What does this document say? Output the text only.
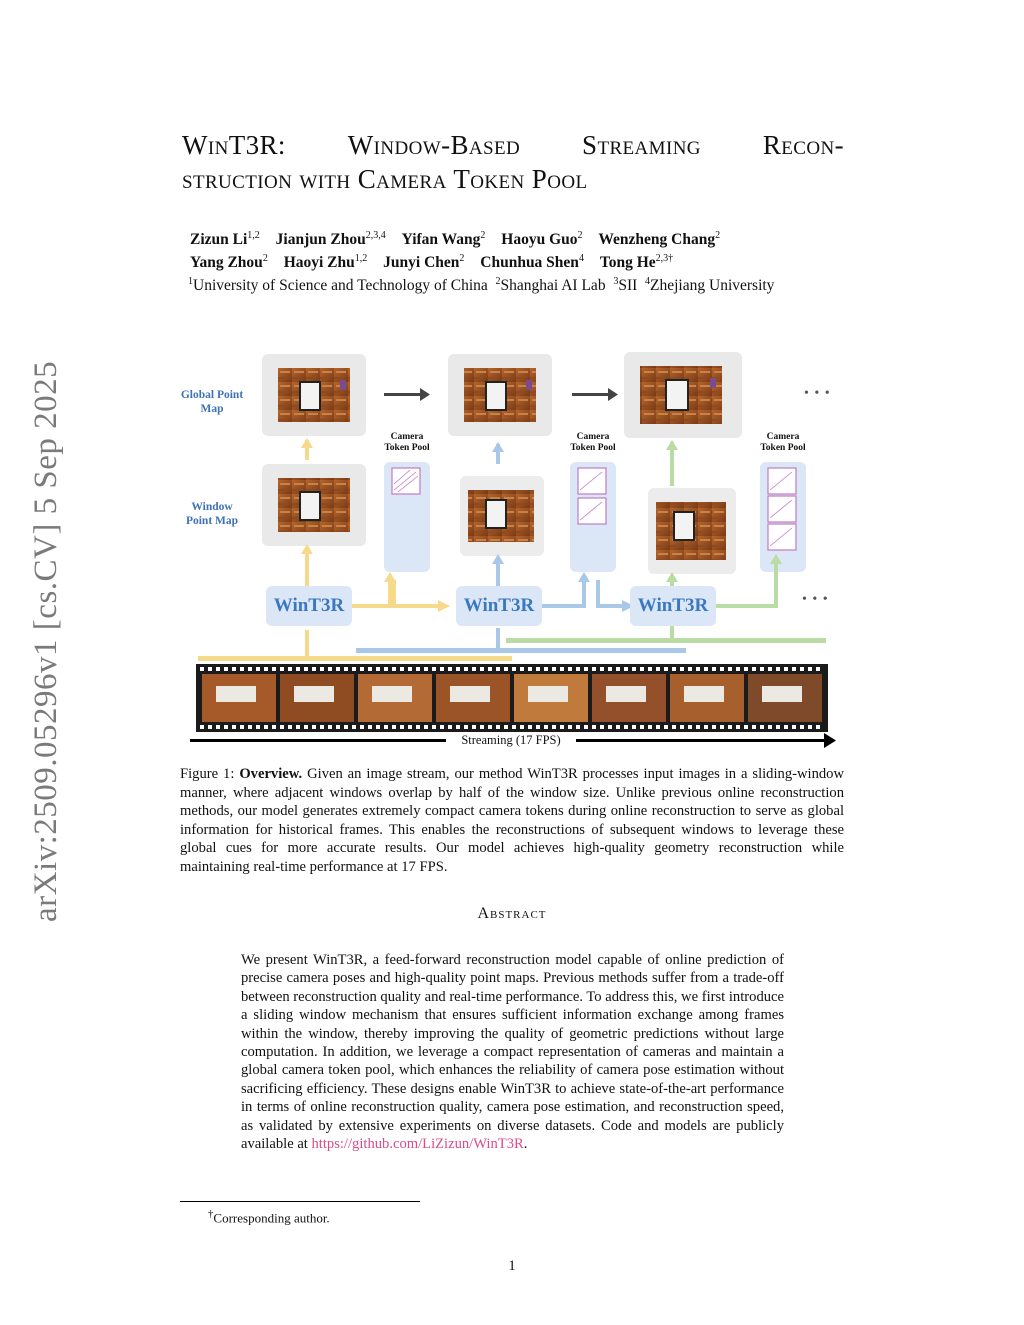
arXiv:2509.05296v1 [cs.CV] 5 Sep 2025
WinT3R: Window-Based Streaming Recon-
struction with Camera Token Pool
Zizun Li$^{1,2}$ Jianjun Zhou$^{2,3,4}$ Yifan Wang$^2$ Haoyu Guo$^2$ Wenzheng Chang$^2$
Yang Zhou$^2$ Haoyi Zhu$^{1,2}$ Junyi Chen$^2$ Chunhua Shen$^4$ Tong $He^{2,3\dagger}$
$^1$University of Science and Technology of China $^2$Shanghai AI Lab $^3$SII $^4$Zhejiang University
Global Point Map
Window Point Map
Camera Token Pool
Camera Token Pool
Camera Token Pool
WinT3R	WinT3R	WinT3R
• • •
• • •
Streaming (17 FPS)
Figure 1: Overview. Given an image stream, our method WinT3R processes input images in a sliding-window manner, where adjacent windows overlap by half of the window size. Unlike previous online reconstruction methods, our model generates extremely compact camera tokens during online reconstruction to serve as global information for historical frames. This enables the reconstructions of subsequent windows to leverage these global cues for more accurate results. Our model achieves high-quality geometry reconstruction while maintaining real-time performance at 17 FPS.
Abstract
We present WinT3R, a feed-forward reconstruction model capable of online prediction of precise camera poses and high-quality point maps. Previous methods suffer from a trade-off between reconstruction quality and real-time performance. To address this, we first introduce a sliding window mechanism that ensures sufficient information exchange among frames within the window, thereby improving the quality of geometric predictions without large computation. In addition, we leverage a compact representation of cameras and maintain a global camera token pool, which enhances the reliability of camera pose estimation without sacrificing efficiency. These designs enable WinT3R to achieve state-of-the-art performance in terms of online reconstruction quality, camera pose estimation, and reconstruction speed, as validated by extensive experiments on diverse datasets. Code and models are publicly available at https://github.com/LiZizun/WinT3R.
†Corresponding author.
1
